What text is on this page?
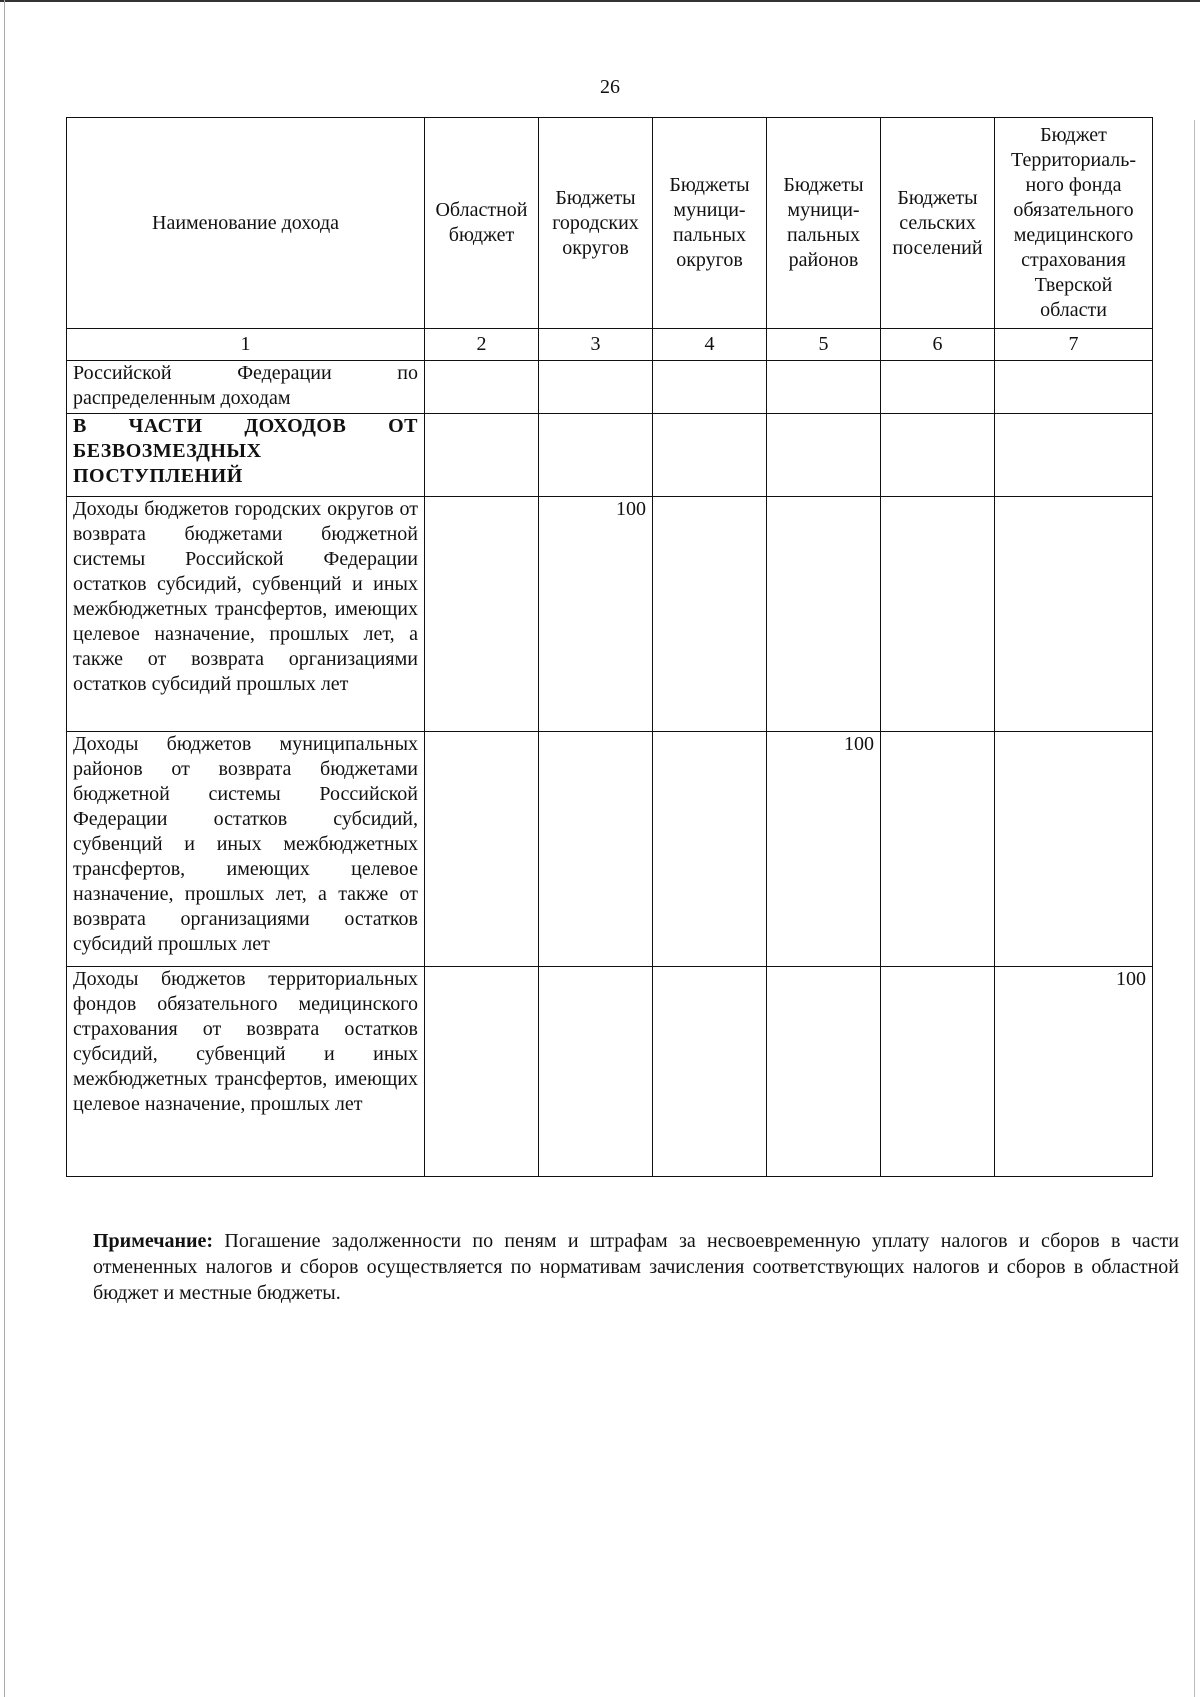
26
Наименование дохода	Областной бюджет	Бюджеты городских округов	Бюджеты муници-пальных округов	Бюджеты муници-пальных районов	Бюджеты сельских поселений	Бюджет Территориаль-ного фонда обязательного медицинского страхования Тверской области
1	2	3	4	5	6	7
Российской Федерации по распределенным доходам						
В ЧАСТИ ДОХОДОВ ОТ БЕЗВОЗМЕЗДНЫХ ПОСТУПЛЕНИЙ						
Доходы бюджетов городских округов от возврата бюджетами бюджетной системы Российской Федерации остатков субсидий, субвенций и иных межбюджетных трансфертов, имеющих целевое назначение, прошлых лет, а также от возврата организациями остатков субсидий прошлых лет		100				
Доходы бюджетов муниципальных районов от возврата бюджетами бюджетной системы Российской Федерации остатков субсидий, субвенций и иных межбюджетных трансфертов, имеющих целевое назначение, прошлых лет, а также от возврата организациями остатков субсидий прошлых лет				100		
Доходы бюджетов территориальных фондов обязательного медицинского страхования от возврата остатков субсидий, субвенций и иных межбюджетных трансфертов, имеющих целевое назначение, прошлых лет						100
Примечание: Погашение задолженности по пеням и штрафам за несвоевременную уплату налогов и сборов в части отмененных налогов и сборов осуществляется по нормативам зачисления соответствующих налогов и сборов в областной бюджет и местные бюджеты.
